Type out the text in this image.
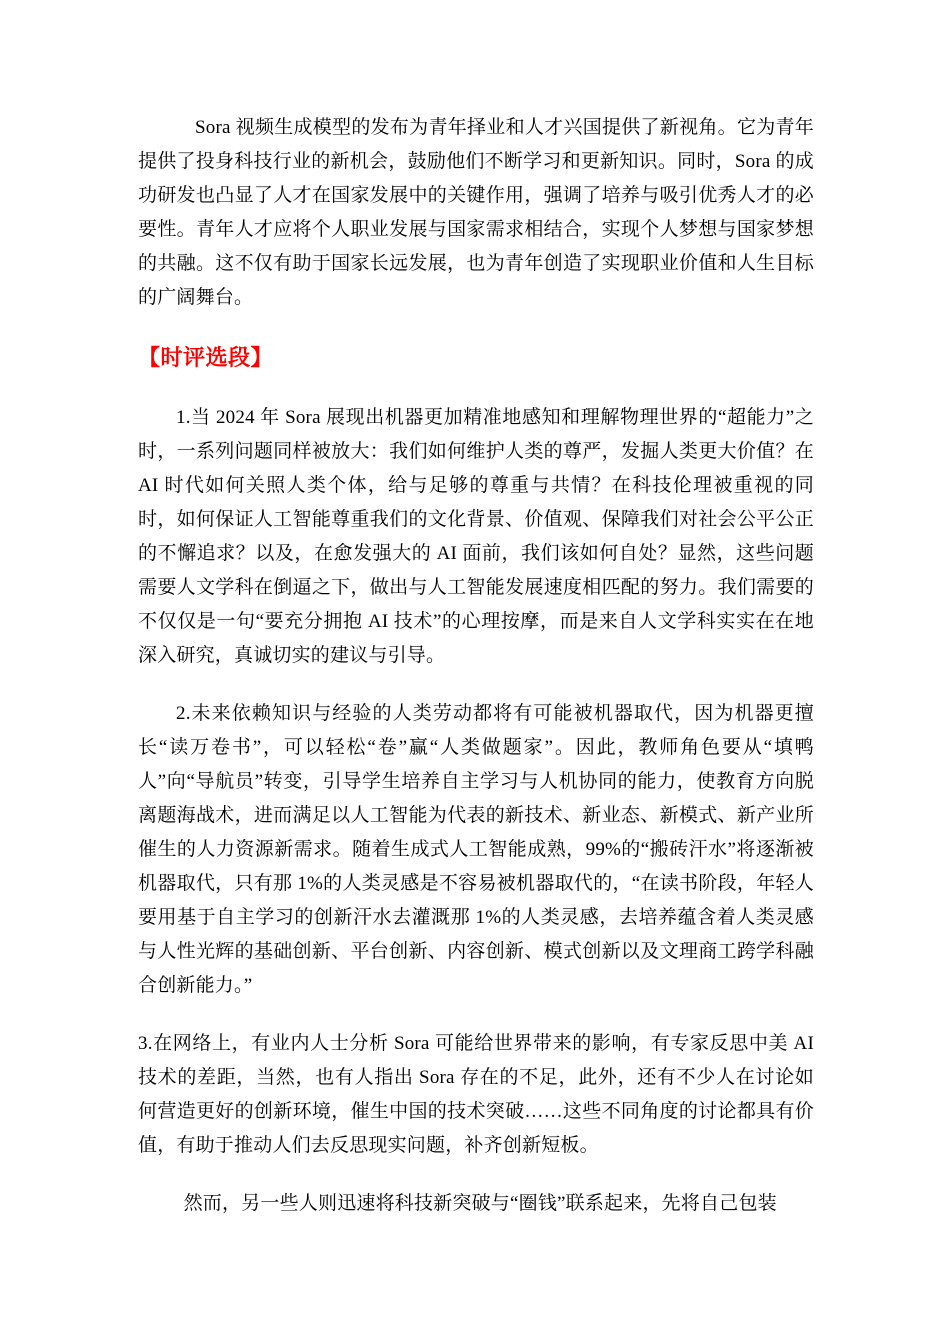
Sora 视频生成模型的发布为青年择业和人才兴国提供了新视角。它为青年提供了投身科技行业的新机会，鼓励他们不断学习和更新知识。同时，Sora 的成功研发也凸显了人才在国家发展中的关键作用，强调了培养与吸引优秀人才的必要性。青年人才应将个人职业发展与国家需求相结合，实现个人梦想与国家梦想的共融。这不仅有助于国家长远发展，也为青年创造了实现职业价值和人生目标的广阔舞台。

【时评选段】

1.当 2024 年 Sora 展现出机器更加精准地感知和理解物理世界的“超能力”之时，一系列问题同样被放大：我们如何维护人类的尊严，发掘人类更大价值？在 AI 时代如何关照人类个体，给与足够的尊重与共情？在科技伦理被重视的同时，如何保证人工智能尊重我们的文化背景、价值观、保障我们对社会公平公正的不懈追求？以及，在愈发强大的 AI 面前，我们该如何自处？显然，这些问题需要人文学科在倒逼之下，做出与人工智能发展速度相匹配的努力。我们需要的不仅仅是一句“要充分拥抱 AI 技术”的心理按摩，而是来自人文学科实实在在地深入研究，真诚切实的建议与引导。

2.未来依赖知识与经验的人类劳动都将有可能被机器取代，因为机器更擅长“读万卷书”，可以轻松“卷”赢“人类做题家”。因此，教师角色要从“填鸭人”向“导航员”转变，引导学生培养自主学习与人机协同的能力，使教育方向脱离题海战术，进而满足以人工智能为代表的新技术、新业态、新模式、新产业所催生的人力资源新需求。随着生成式人工智能成熟，99%的“搬砖汗水”将逐渐被机器取代，只有那 1%的人类灵感是不容易被机器取代的，“在读书阶段，年轻人要用基于自主学习的创新汗水去灌溉那 1%的人类灵感，去培养蕴含着人类灵感与人性光辉的基础创新、平台创新、内容创新、模式创新以及文理商工跨学科融合创新能力。”

3.在网络上，有业内人士分析 Sora 可能给世界带来的影响，有专家反思中美 AI 技术的差距，当然，也有人指出 Sora 存在的不足，此外，还有不少人在讨论如何营造更好的创新环境，催生中国的技术突破……这些不同角度的讨论都具有价值，有助于推动人们去反思现实问题，补齐创新短板。

然而，另一些人则迅速将科技新突破与“圈钱”联系起来，先将自己包装
